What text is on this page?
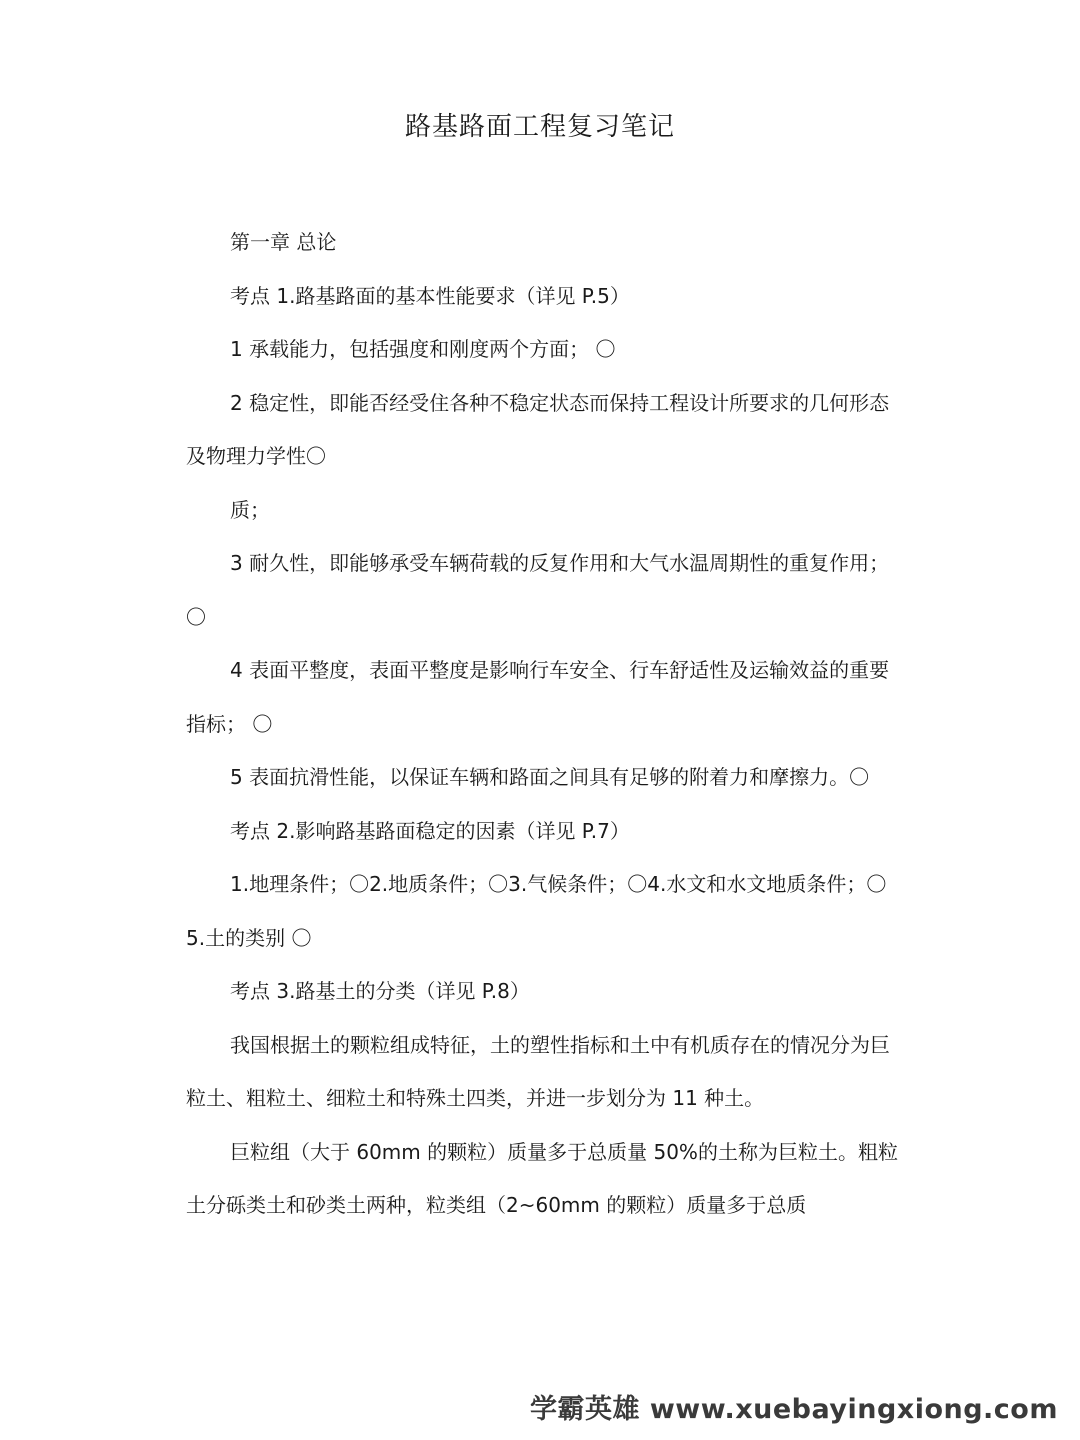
路基路面工程复习笔记

第一章 总论

考点 1.路基路面的基本性能要求（详见 P.5）

1 承载能力，包括强度和刚度两个方面； 〇

2 稳定性，即能否经受住各种不稳定状态而保持工程设计所要求的几何形态及物理力学性〇

质；

3 耐久性，即能够承受车辆荷载的反复作用和大气水温周期性的重复作用； 〇

4 表面平整度，表面平整度是影响行车安全、行车舒适性及运输效益的重要指标； 〇

5 表面抗滑性能，以保证车辆和路面之间具有足够的附着力和摩擦力。〇

考点 2.影响路基路面稳定的因素（详见 P.7）

1.地理条件；〇2.地质条件；〇3.气候条件；〇4.水文和水文地质条件；〇5.土的类别 〇

考点 3.路基土的分类（详见 P.8）

我国根据土的颗粒组成特征，土的塑性指标和土中有机质存在的情况分为巨粒土、粗粒土、细粒土和特殊土四类，并进一步划分为 11 种土。

巨粒组（大于 60mm 的颗粒）质量多于总质量 50%的土称为巨粒土。粗粒土分砾类土和砂类土两种，粒类组（2~60mm 的颗粒）质量多于总质

学霸英雄 www.xuebayingxiong.com
